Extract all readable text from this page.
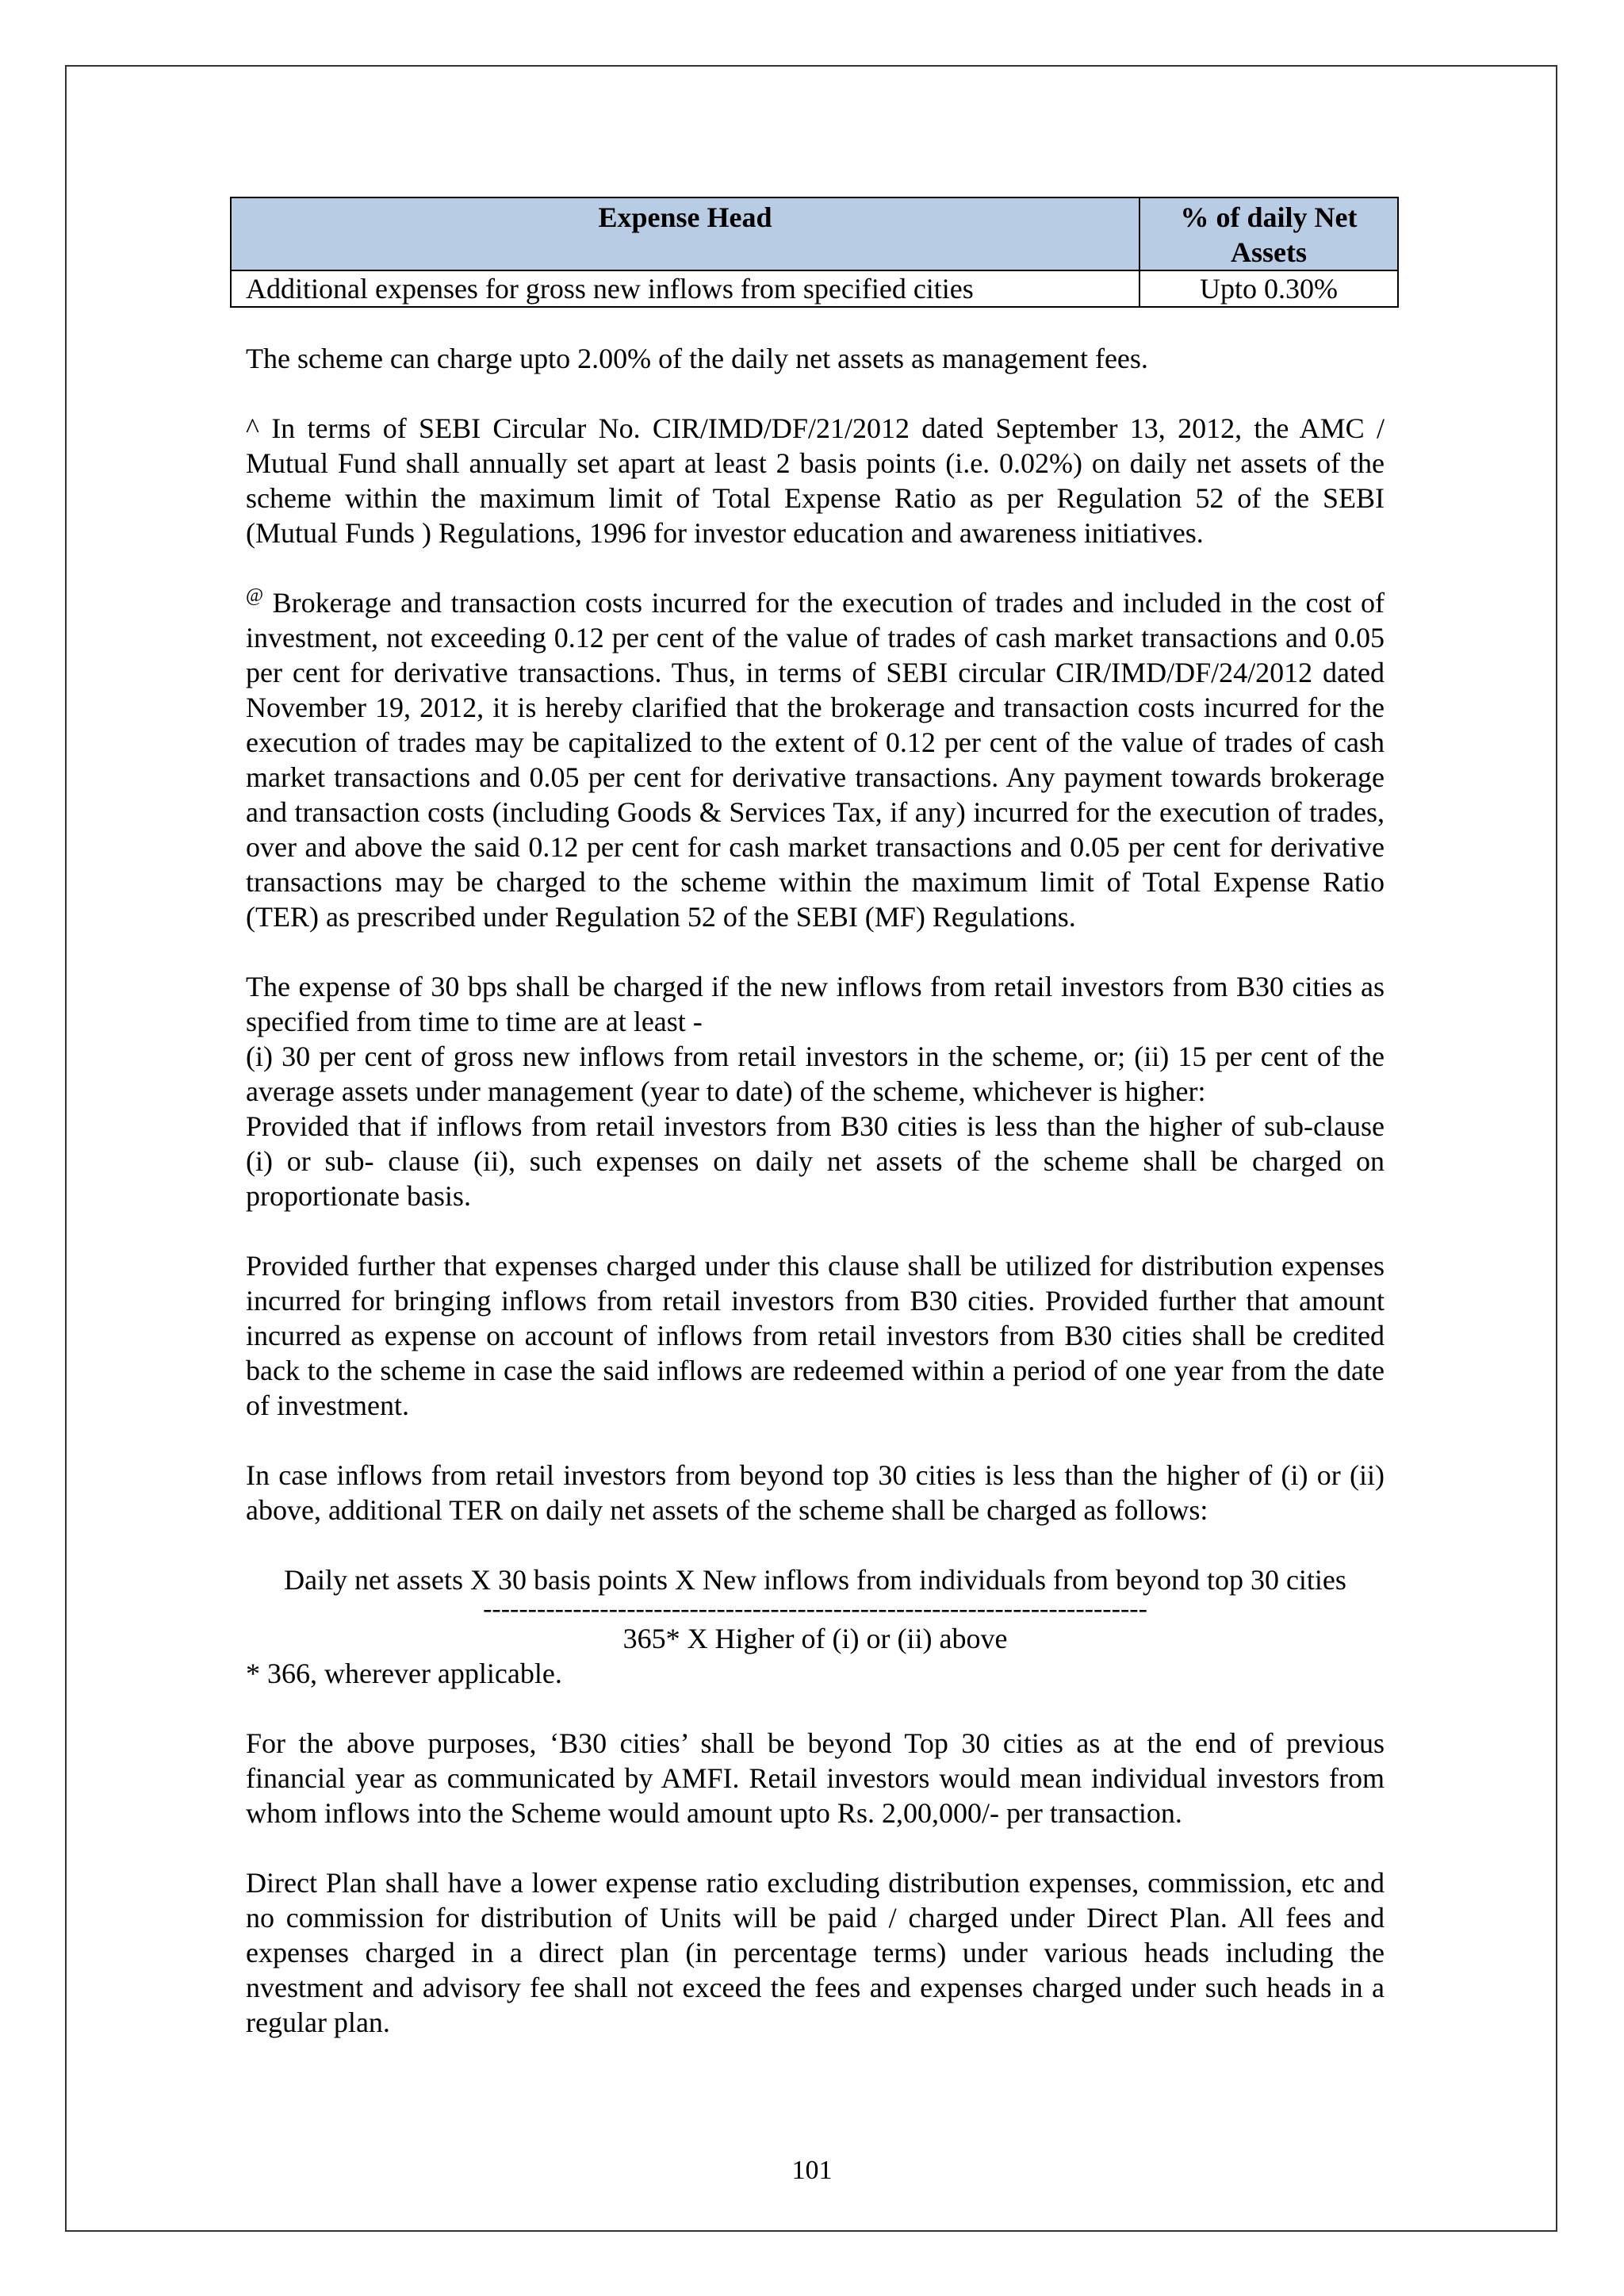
Expense Head	% of daily Net Assets
Additional expenses for gross new inflows from specified cities	Upto 0.30%

The scheme can charge upto 2.00% of the daily net assets as management fees.

^ In terms of SEBI Circular No. CIR/IMD/DF/21/2012 dated September 13, 2012, the AMC / Mutual Fund shall annually set apart at least 2 basis points (i.e. 0.02%) on daily net assets of the scheme within the maximum limit of Total Expense Ratio as per Regulation 52 of the SEBI (Mutual Funds ) Regulations, 1996 for investor education and awareness initiatives.

@ Brokerage and transaction costs incurred for the execution of trades and included in the cost of investment, not exceeding 0.12 per cent of the value of trades of cash market transactions and 0.05 per cent for derivative transactions. Thus, in terms of SEBI circular CIR/IMD/DF/24/2012 dated November 19, 2012, it is hereby clarified that the brokerage and transaction costs incurred for the execution of trades may be capitalized to the extent of 0.12 per cent of the value of trades of cash market transactions and 0.05 per cent for derivative transactions. Any payment towards brokerage and transaction costs (including Goods & Services Tax, if any) incurred for the execution of trades, over and above the said 0.12 per cent for cash market transactions and 0.05 per cent for derivative transactions may be charged to the scheme within the maximum limit of Total Expense Ratio (TER) as prescribed under Regulation 52 of the SEBI (MF) Regulations.

The expense of 30 bps shall be charged if the new inflows from retail investors from B30 cities as specified from time to time are at least -

(i) 30 per cent of gross new inflows from retail investors in the scheme, or; (ii) 15 per cent of the average assets under management (year to date) of the scheme, whichever is higher:

Provided that if inflows from retail investors from B30 cities is less than the higher of sub-clause (i) or sub- clause (ii), such expenses on daily net assets of the scheme shall be charged on proportionate basis.

Provided further that expenses charged under this clause shall be utilized for distribution expenses incurred for bringing inflows from retail investors from B30 cities. Provided further that amount incurred as expense on account of inflows from retail investors from B30 cities shall be credited back to the scheme in case the said inflows are redeemed within a period of one year from the date of investment.

In case inflows from retail investors from beyond top 30 cities is less than the higher of (i) or (ii) above, additional TER on daily net assets of the scheme shall be charged as follows:

Daily net assets X 30 basis points X New inflows from individuals from beyond top 30 cities
--------------------------------------------------------------------------
365* X Higher of (i) or (ii) above
* 366, wherever applicable.

For the above purposes, ‘B30 cities’ shall be beyond Top 30 cities as at the end of previous financial year as communicated by AMFI. Retail investors would mean individual investors from whom inflows into the Scheme would amount upto Rs. 2,00,000/- per transaction.

Direct Plan shall have a lower expense ratio excluding distribution expenses, commission, etc and no commission for distribution of Units will be paid / charged under Direct Plan. All fees and expenses charged in a direct plan (in percentage terms) under various heads including the nvestment and advisory fee shall not exceed the fees and expenses charged under such heads in a regular plan.

101
